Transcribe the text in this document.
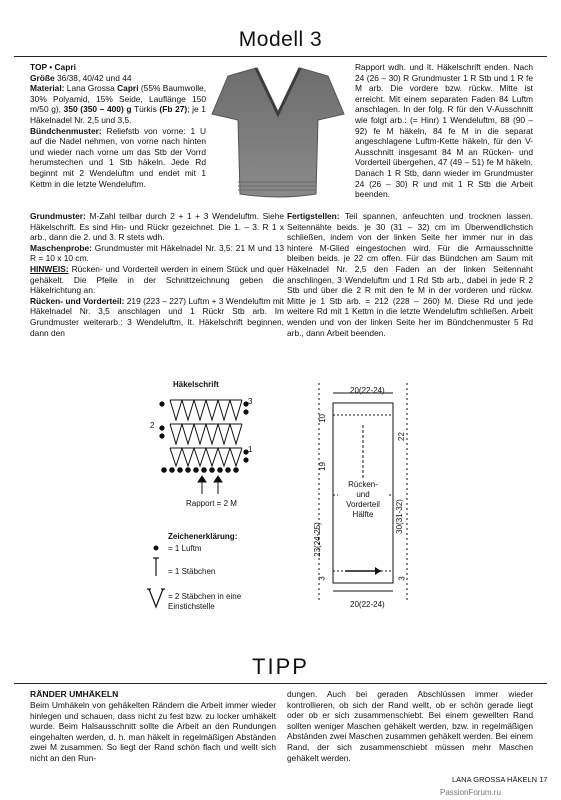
Modell 3

TOP • Capri

Größe 36/38, 40/42 und 44

Material: Lana Grossa Capri (55% Baumwolle, 30% Polyamid, 15% Seide, Lauflänge 150 m/50 g), 350 (350 – 400) g Türkis (Fb 27); je 1 Häkelnadel Nr. 2,5 und 3,5.

Bündchenmuster: Reliefstb von vorne: 1 U auf die Nadel nehmen, von vorne nach hinten und wieder nach vorne um das Stb der Vorrd herumstechen und 1 Stb häkeln. Jede Rd beginnt mit 2 Wendeluftm und endet mit 1 Kettm in die letzte Wendeluftm.

Grundmuster: M-Zahl teilbar durch 2 + 1 + 3 Wendeluftm. Siehe Häkelschrift. Es sind Hin- und Rückr gezeichnet. Die 1. – 3. R 1 x arb., dann die 2. und 3. R stets wdh.

Maschenprobe: Grundmuster mit Häkelnadel Nr. 3,5: 21 M und 13 R = 10 x 10 cm.

HINWEIS: Rücken- und Vorderteil werden in einem Stück und quer gehäkelt. Die Pfeile in der Schnittzeichnung geben die Häkelrichtung an.

Rücken- und Vorderteil: 219 (223 – 227) Luftm + 3 Wendeluftm mit Häkelnadel Nr. 3,5 anschlagen und 1 Rückr Stb arb. Im Grundmuster weiterarb.: 3 Wendeluftm, lt. Häkelschrift beginnen, dann den

Rapport wdh. und lt. Häkelschrift enden. Nach 24 (26 – 30) R Grundmuster 1 R Stb und 1 R fe M arb. Die vordere bzw. rückw. Mitte ist erreicht. Mit einem separaten Faden 84 Luftm anschlagen. In der folg. R für den V-Ausschnitt wie folgt arb.: (= Hinr) 1 Wendeluftm, 88 (90 – 92) fe M häkeln, 84 fe M in die separat angeschlagene Luftm-Kette häkeln, für den V-Ausschnitt insgesamt 84 M an Rücken- und Vorderteil übergehen, 47 (49 – 51) fe M häkeln. Danach 1 R Stb, dann wieder im Grundmuster 24 (26 – 30) R und mit 1 R Stb die Arbeit beenden.

Fertigstellen: Teil spannen, anfeuchten und trocknen lassen. Seitennähte beids. je 30 (31 – 32) cm im Überwendlichstich schließen, indem von der linken Seite her immer nur in das hintere M-Glied eingestochen wird. Für die Armausschnitte bleiben beids. je 22 cm offen. Für das Bündchen am Saum mit Häkelnadel Nr. 2,5 den Faden an der linken Seitennaht anschlingen, 3 Wendeluftm und 1 Rd Stb arb., dabei in jede R 2 Stb und über die 2 R mit den fe M in der vorderen und rückw. Mitte je 1 Stb arb. = 212 (228 – 260) M. Diese Rd und jede weitere Rd mit 1 Kettm in die letzte Wendeluftm schließen. Arbeit wenden und von der linken Seite her im Bündchenmuster 5 Rd arb., dann Arbeit beenden.

Häkelschrift
3
2
1
Rapport = 2 M
Zeichenerklärung:
= 1 Luftm
= 1 Stäbchen
= 2 Stäbchen in eine Einstichstelle
20(22-24)
20(22-24)
10
19
23(24-25)
3
22
30(31-32)
3
Rücken-
und
Vorderteil
Hälfte
TIPP
RÄNDER UMHÄKELN
Beim Umhäkeln von gehäkelten Rändern die Arbeit immer wieder hinlegen und schauen, dass nicht zu fest bzw. zu locker umhäkelt wurde. Beim Halsausschnitt sollte die Arbeit an den Rundungen eingehalten werden, d. h. man häkelt in regelmäßigen Abständen zwei M zusammen. So liegt der Rand schön flach und wellt sich nicht an den Run-
dungen. Auch bei geraden Abschlüssen immer wieder kontrollieren, ob sich der Rand wellt, ob er schön gerade liegt oder ob er sich zusammenschiebt. Bei einem gewellten Rand sollten weniger Maschen gehäkelt werden, bzw. in regelmäßigen Abständen zwei Maschen zusammen gehäkelt werden. Bei einem Rand, der sich zusammenschiebt müssen mehr Maschen gehäkelt werden.
LANA GROSSA HÄKELN 17
PassionForum.ru
